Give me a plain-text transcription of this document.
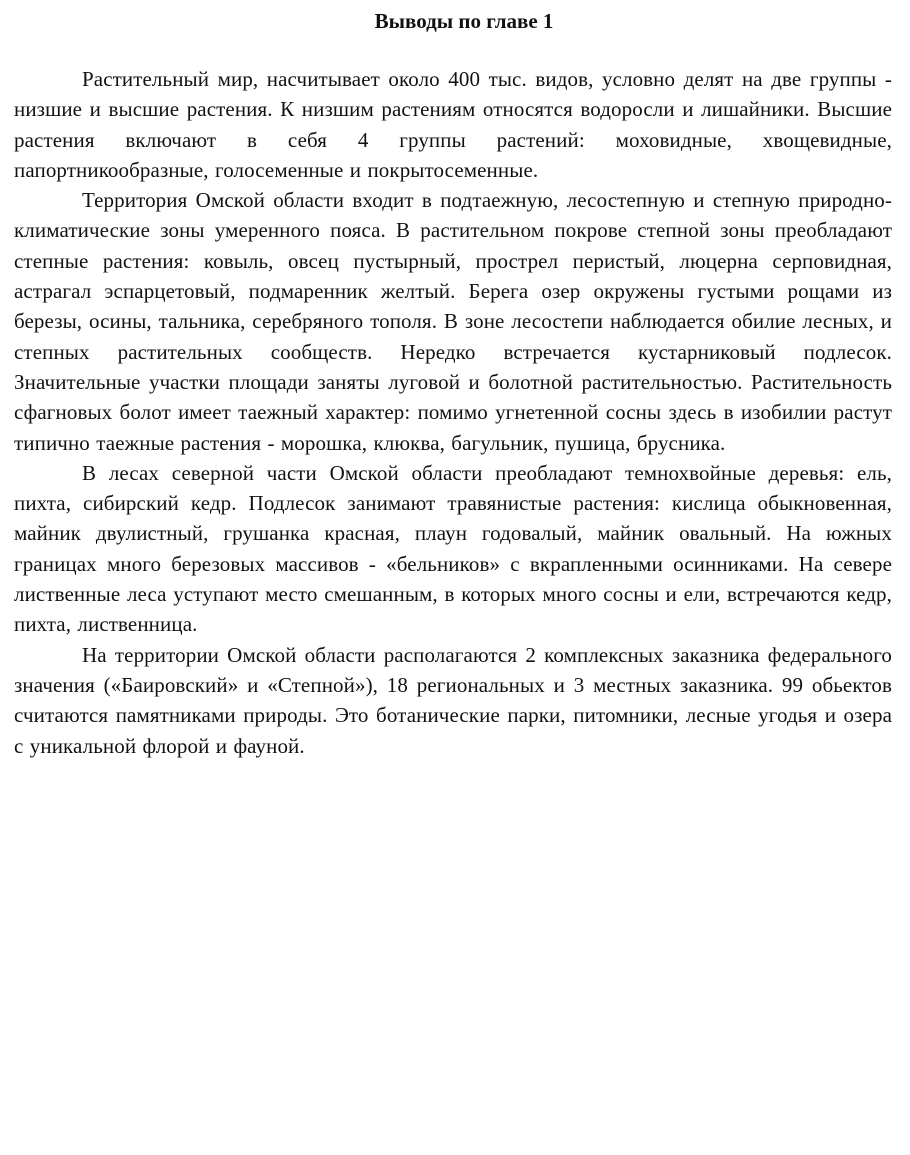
Выводы по главе 1

Растительный мир, насчитывает около 400 тыс. видов, условно делят на две группы - низшие и высшие растения. К низшим растениям относятся водоросли и лишайники. Высшие растения включают в себя 4 группы растений: моховидные, хвощевидные, папортникообразные, голосеменные и покрытосеменные.

Территория Омской области входит в подтаежную, лесостепную и степную природно-климатические зоны умеренного пояса. В растительном покрове степной зоны преобладают степные растения: ковыль, овсец пустырный, прострел перистый, люцерна серповидная, астрагал эспарцетовый, подмаренник желтый. Берега озер окружены густыми рощами из березы, осины, тальника, серебряного тополя. В зоне лесостепи наблюдается обилие лесных, и степных растительных сообществ. Нередко встречается кустарниковый подлесок. Значительные участки площади заняты луговой и болотной растительностью. Растительность сфагновых болот имеет таежный характер: помимо угнетенной сосны здесь в изобилии растут типично таежные растения - морошка, клюква, багульник, пушица, брусника.

В лесах северной части Омской области преобладают темнохвойные деревья: ель, пихта, сибирский кедр. Подлесок занимают травянистые растения: кислица обыкновенная, майник двулистный, грушанка красная, плаун годовалый, майник овальный. На южных границах много березовых массивов - «бельников» с вкрапленными осинниками. На севере лиственные леса уступают место смешанным, в которых много сосны и ели, встречаются кедр, пихта, лиственница.

На территории Омской области располагаются 2 комплексных заказника федерального значения («Баировский» и «Степной»), 18 региональных и 3 местных заказника. 99 обьектов считаются памятниками природы. Это ботанические парки, питомники, лесные угодья и озера с уникальной флорой и фауной.
